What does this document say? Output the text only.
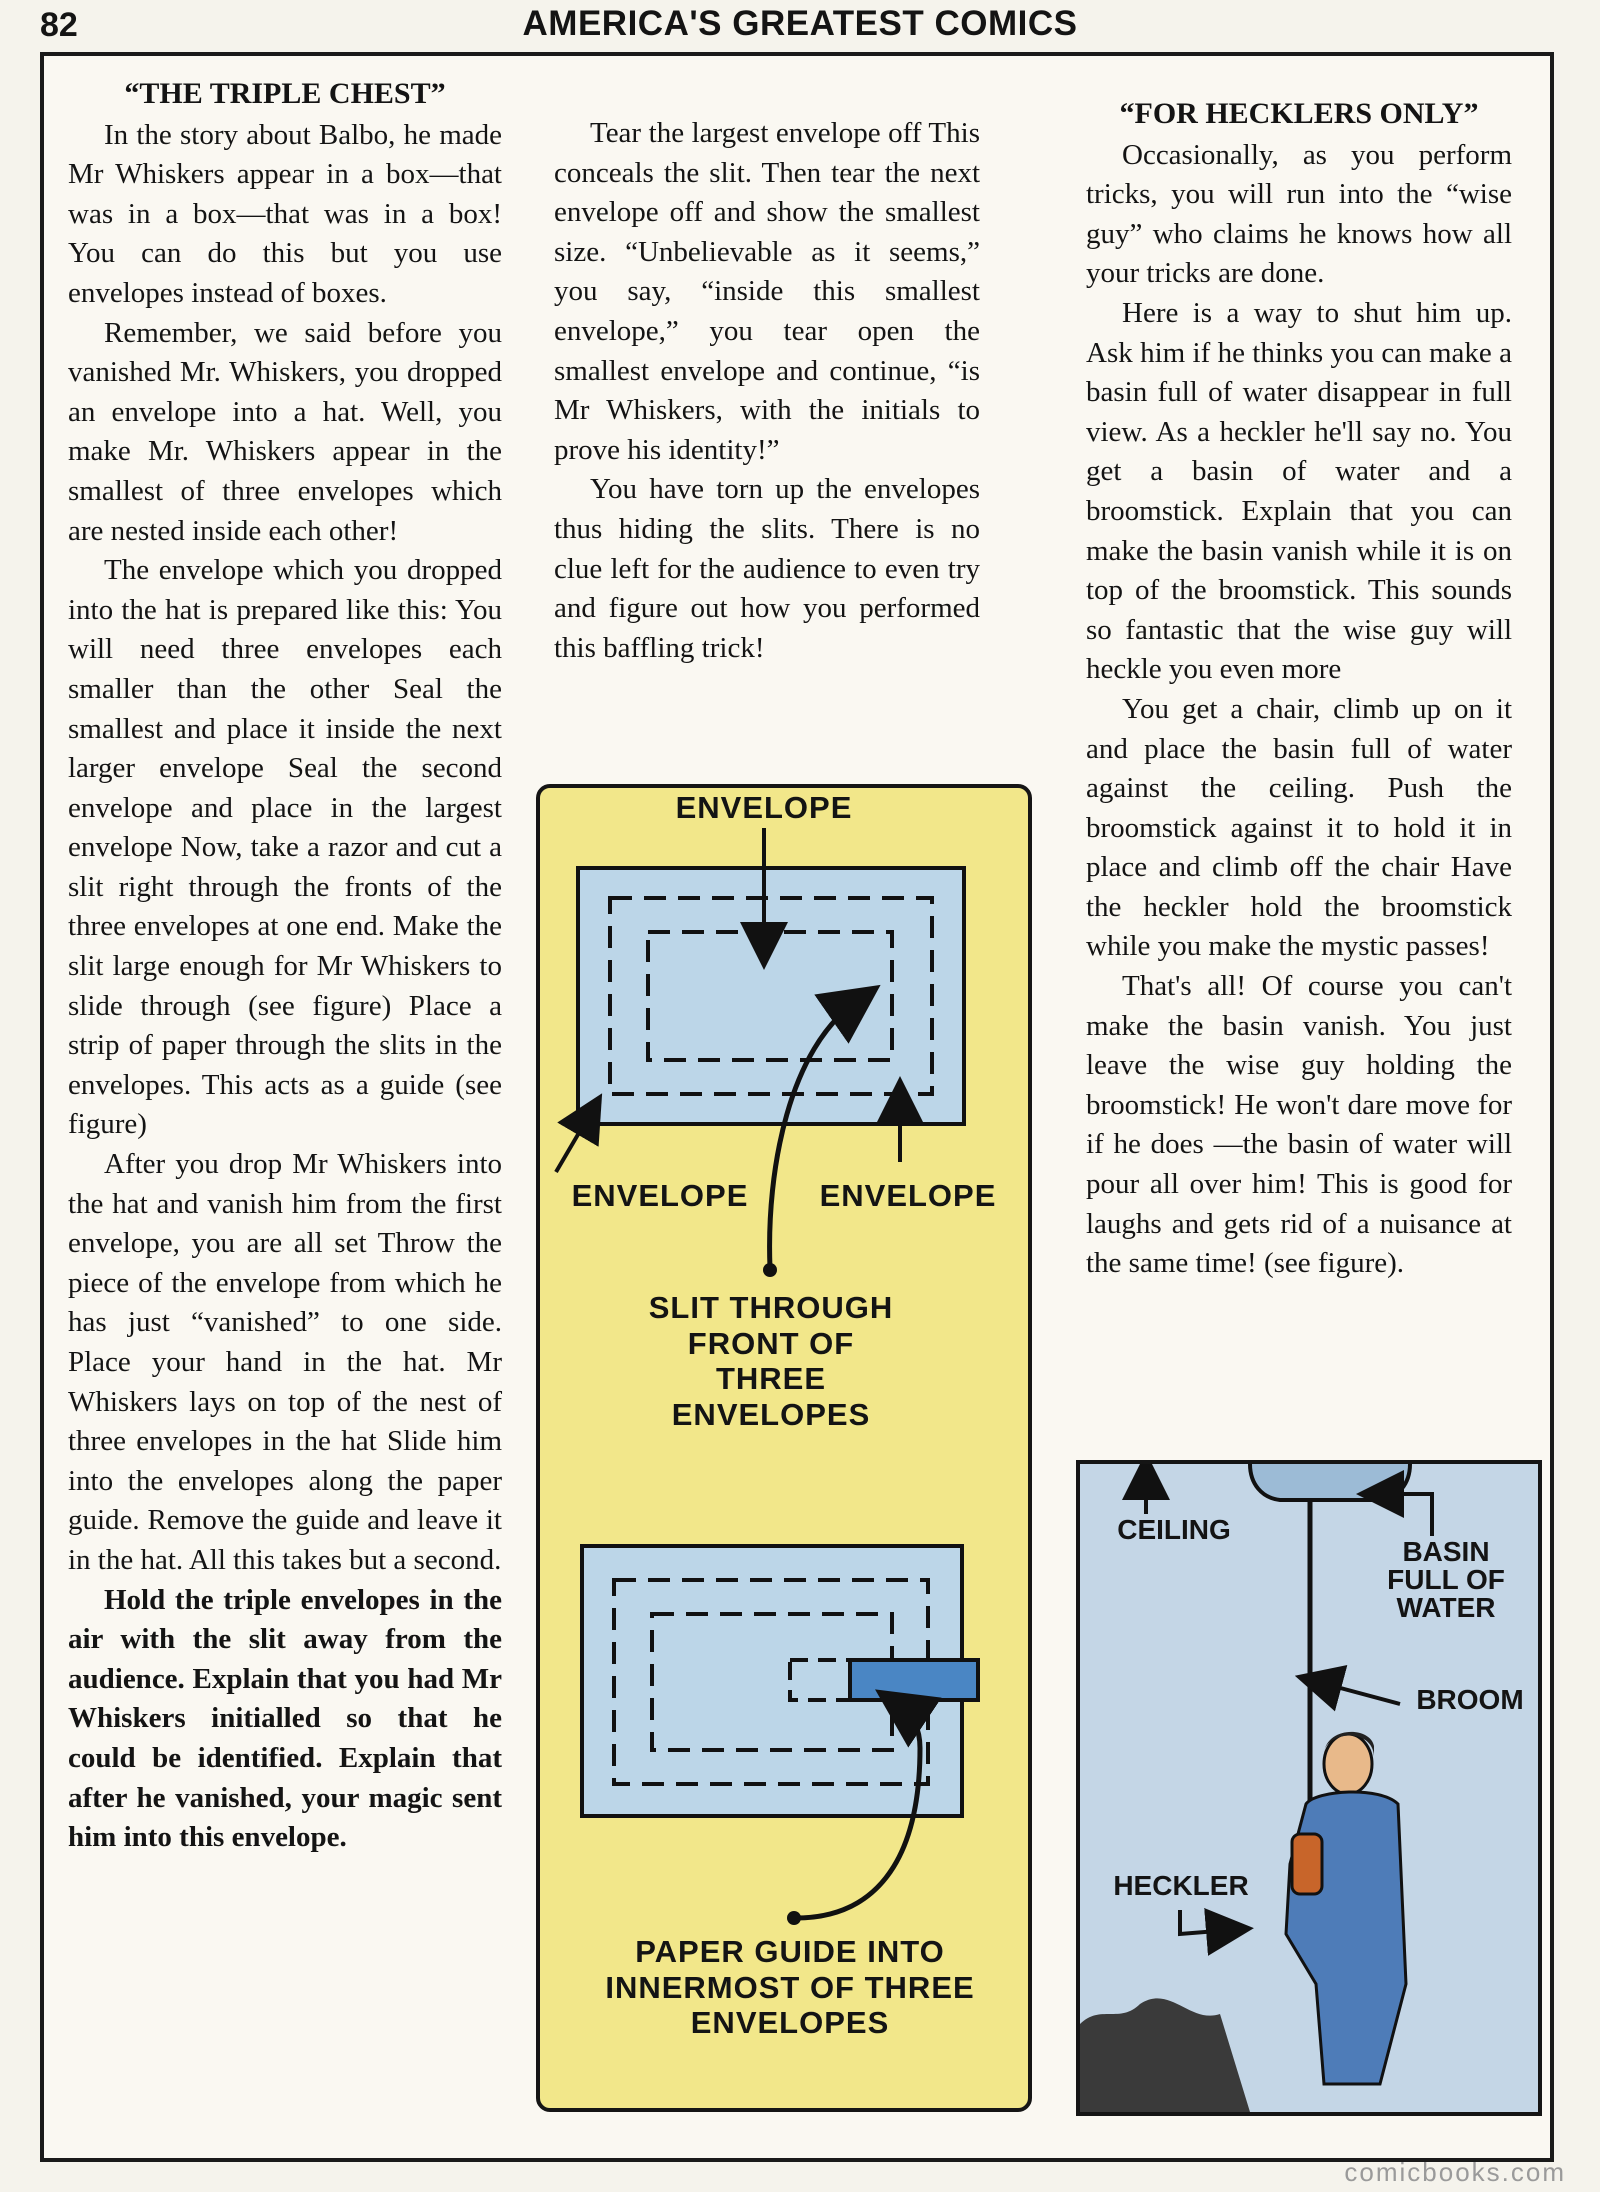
82	AMERICA'S GREATEST COMICS

“THE TRIPLE CHEST”

In the story about Balbo, he made Mr Whiskers appear in a box—that was in a box—that was in a box! You can do this but you use envelopes instead of boxes.

Remember, we said before you vanished Mr. Whiskers, you dropped an envelope into a hat. Well, you make Mr. Whiskers appear in the smallest of three envelopes which are nested inside each other!

The envelope which you dropped into the hat is prepared like this: You will need three envelopes each smaller than the other Seal the smallest and place it inside the next larger envelope Seal the second envelope and place in the largest envelope Now, take a razor and cut a slit right through the fronts of the three envelopes at one end. Make the slit large enough for Mr Whiskers to slide through (see figure) Place a strip of paper through the slits in the envelopes. This acts as a guide (see figure)

After you drop Mr Whiskers into the hat and vanish him from the first envelope, you are all set Throw the piece of the envelope from which he has just “vanished” to one side. Place your hand in the hat. Mr Whiskers lays on top of the nest of three envelopes in the hat Slide him into the envelopes along the paper guide. Remove the guide and leave it in the hat. All this takes but a second.

Hold the triple envelopes in the air with the slit away from the audience. Explain that you had Mr Whiskers initialled so that he could be identified. Explain that after he vanished, your magic sent him into this envelope.

Tear the largest envelope off This conceals the slit. Then tear the next envelope off and show the smallest size. “Unbelievable as it seems,” you say, “inside this smallest envelope,” you tear open the smallest envelope and continue, “is Mr Whiskers, with the initials to prove his identity!”

You have torn up the envelopes thus hiding the slits. There is no clue left for the audience to even try and figure out how you performed this baffling trick!

“FOR HECKLERS ONLY”

Occasionally, as you perform tricks, you will run into the “wise guy” who claims he knows how all your tricks are done.

Here is a way to shut him up. Ask him if he thinks you can make a basin full of water disappear in full view. As a heckler he'll say no. You get a basin of water and a broomstick. Explain that you can make the basin vanish while it is on top of the broomstick. This sounds so fantastic that the wise guy will heckle you even more

You get a chair, climb up on it and place the basin full of water against the ceiling. Push the broomstick against it to hold it in place and climb off the chair Have the heckler hold the broomstick while you make the mystic passes!

That's all! Of course you can't make the basin vanish. You just leave the wise guy holding the broomstick! He won't dare move for if he does —the basin of water will pour all over him! This is good for laughs and gets rid of a nuisance at the same time! (see figure).

ENVELOPE
ENVELOPE	ENVELOPE
SLIT THROUGH FRONT OF THREE ENVELOPES
PAPER GUIDE INTO INNERMOST OF THREE ENVELOPES
CEILING
BASIN FULL OF WATER
BROOM
HECKLER
comicbooks.com
